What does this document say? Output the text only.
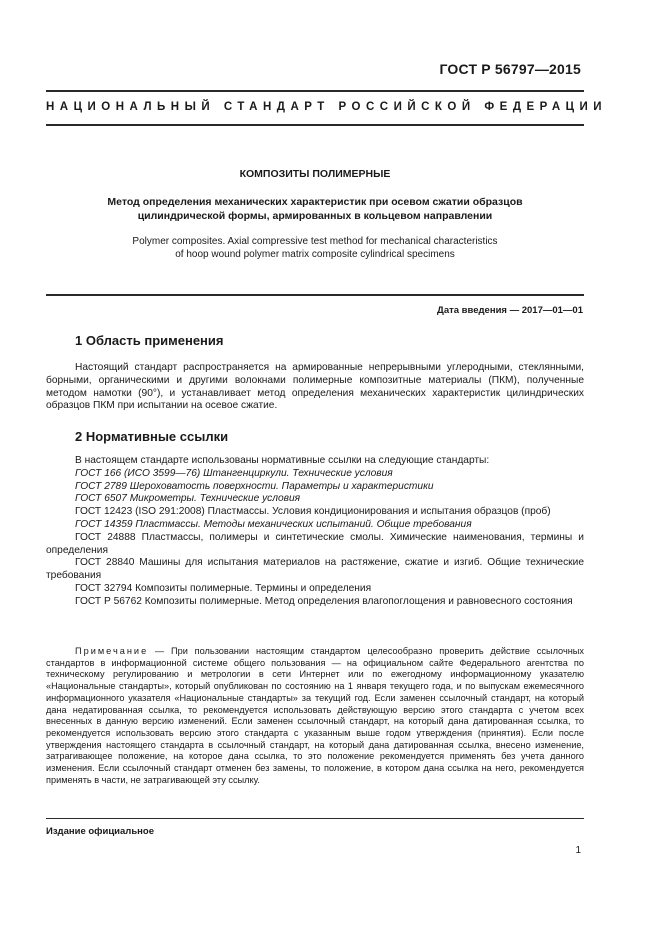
ГОСТ Р 56797—2015
НАЦИОНАЛЬНЫЙ СТАНДАРТ РОССИЙСКОЙ ФЕДЕРАЦИИ
КОМПОЗИТЫ ПОЛИМЕРНЫЕ
Метод определения механических характеристик при осевом сжатии образцов
цилиндрической формы, армированных в кольцевом направлении
Polymer composites. Axial compressive test method for mechanical characteristics
of hoop wound polymer matrix composite cylindrical specimens
Дата введения — 2017—01—01
1 Область применения
Настоящий стандарт распространяется на армированные непрерывными углеродными, стеклянными, борными, органическими и другими волокнами полимерные композитные материалы (ПКМ), полученные методом намотки (90°), и устанавливает метод определения механических характеристик цилиндрических образцов ПКМ при испытании на осевое сжатие.
2 Нормативные ссылки
В настоящем стандарте использованы нормативные ссылки на следующие стандарты:
ГОСТ 166 (ИСО 3599—76) Штангенциркули. Технические условия
ГОСТ 2789 Шероховатость поверхности. Параметры и характеристики
ГОСТ 6507 Микрометры. Технические условия
ГОСТ 12423 (ISO 291:2008) Пластмассы. Условия кондиционирования и испытания образцов (проб)
ГОСТ 14359 Пластмассы. Методы механических испытаний. Общие требования
ГОСТ 24888 Пластмассы, полимеры и синтетические смолы. Химические наименования, термины и определения
ГОСТ 28840 Машины для испытания материалов на растяжение, сжатие и изгиб. Общие технические требования
ГОСТ 32794 Композиты полимерные. Термины и определения
ГОСТ Р 56762 Композиты полимерные. Метод определения влагопоглощения и равновесного состояния
Примечание — При пользовании настоящим стандартом целесообразно проверить действие ссылочных стандартов в информационной системе общего пользования — на официальном сайте Федерального агентства по техническому регулированию и метрологии в сети Интернет или по ежегодному информационному указателю «Национальные стандарты», который опубликован по состоянию на 1 января текущего года, и по выпускам ежемесячного информационного указателя «Национальные стандарты» за текущий год. Если заменен ссылочный стандарт, на который дана недатированная ссылка, то рекомендуется использовать действующую версию этого стандарта с учетом всех внесенных в данную версию изменений. Если заменен ссылочный стандарт, на который дана датированная ссылка, то рекомендуется использовать версию этого стандарта с указанным выше годом утверждения (принятия). Если после утверждения настоящего стандарта в ссылочный стандарт, на который дана датированная ссылка, внесено изменение, затрагивающее положение, на которое дана ссылка, то это положение рекомендуется применять без учета данного изменения. Если ссылочный стандарт отменен без замены, то положение, в котором дана ссылка на него, рекомендуется применять в части, не затрагивающей эту ссылку.
Издание официальное
1
